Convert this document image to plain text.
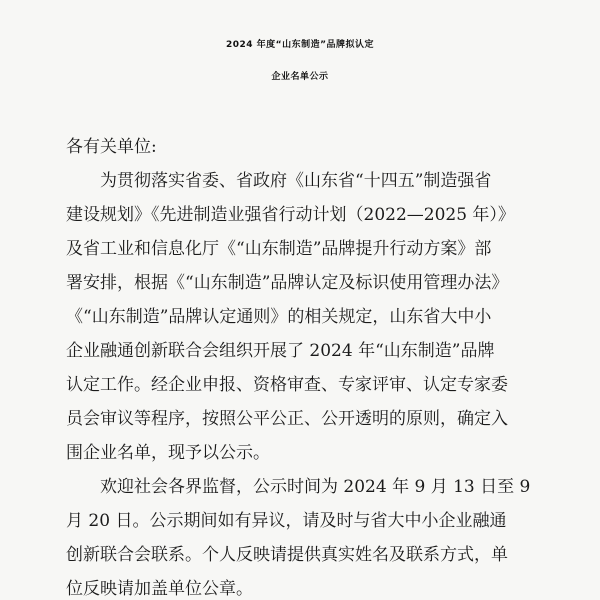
2024 年度“山东制造”品牌拟认定
企业名单公示
各有关单位:
为贯彻落实省委、省政府《山东省“十四五”制造强省
建设规划》《先进制造业强省行动计划（2022—2025 年）》
及省工业和信息化厅《“山东制造”品牌提升行动方案》部
署安排，根据《“山东制造”品牌认定及标识使用管理办法》
《“山东制造”品牌认定通则》的相关规定，山东省大中小
企业融通创新联合会组织开展了 2024 年“山东制造”品牌
认定工作。经企业申报、资格审查、专家评审、认定专家委
员会审议等程序，按照公平公正、公开透明的原则，确定入
围企业名单，现予以公示。
欢迎社会各界监督，公示时间为 2024 年 9 月 13 日至 9
月 20 日。公示期间如有异议，请及时与省大中小企业融通
创新联合会联系。个人反映请提供真实姓名及联系方式，单
位反映请加盖单位公章。
